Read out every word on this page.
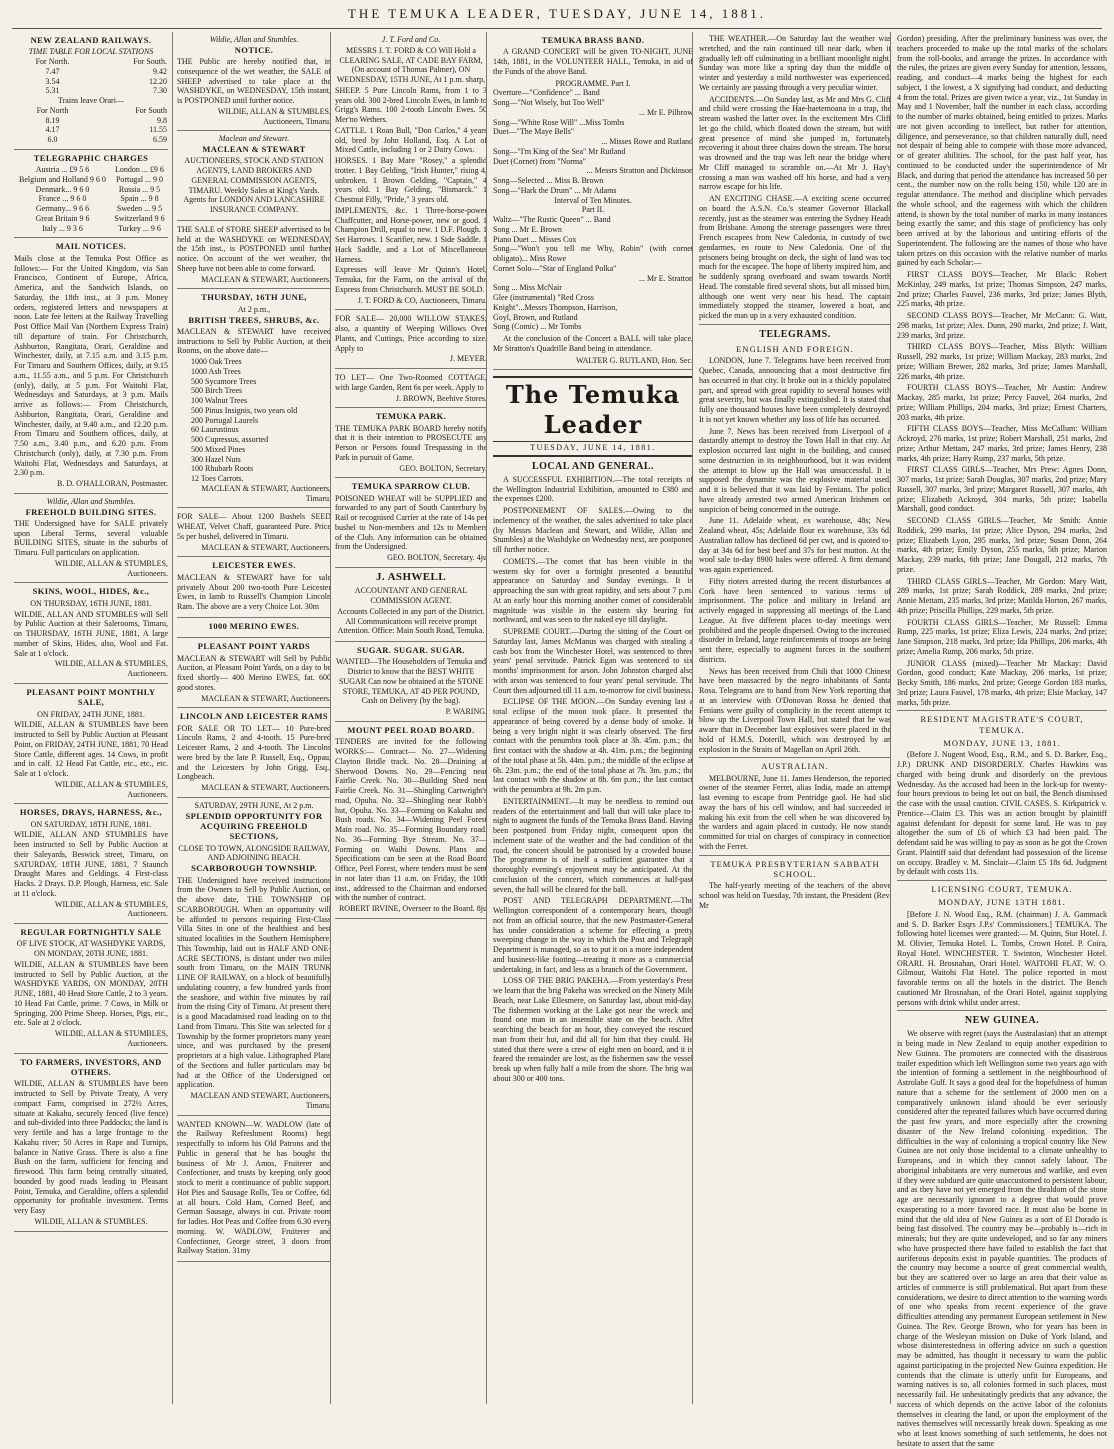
THE TEMUKA LEADER, TUESDAY, JUNE 14, 1881.
NEW ZEALAND RAILWAYS.
TIME TABLE FOR LOCAL STATIONS
For North.	For South.
7.47	9.42
3.54	12.20
5.31	7.30
Trains leave Orari—	
For North	For South
8.19	9.8
4.17	11.55
6.0	6.59
TELEGRAPHIC CHARGES
Austria ... £9 5 6	London ... £9 6
Belgium and Holland 9 6 0	Portugal ... 9 0
Denmark... 9 6 0	Russia ... 9 5
France ... 9 6 0	Spain ... 9 8
Germany... 9 6 6	Sweden ... 9 5
Great Britain 9 6	Switzerland 9 6
Italy ... 9 3 6	Turkey ... 9 6
MAIL NOTICES.

Mails close at the Temuka Post Office as follows:— For the United Kingdom, via San Francisco, Continent of Europe, Africa, America, and the Sandwich Islands, on Saturday, the 18th inst., at 3 p.m. Money orders, registered letters and newspapers at noon. Late fee letters at the Railway Travelling Post Office Mail Van (Northern Express Train) till departure of train. For Christchurch, Ashburton, Rangitata, Orari, Geraldine and Winchester, daily, at 7.15 a.m. and 3.15 p.m. For Timaru and Southern Offices, daily, at 9.15 a.m., 11.55 a.m., and 5 p.m. For Christchurch (only), daily, at 5 p.m. For Waitohi Flat, Wednesdays and Saturdays, at 3 p.m. Mails arrive as follows:— From Christchurch, Ashburton, Rangitata, Orari, Geraldine and Winchester, daily, at 9.40 a.m., and 12.20 p.m. From Timaru and Southern offices, daily, at 7.50 a.m., 3.40 p.m., and 6.20 p.m. From Christchurch (only), daily, at 7.30 p.m. From Waitohi Flat, Wednesdays and Saturdays, at 2.30 p.m.

B. D. O'HALLORAN, Postmaster.
Wildie, Allan and Stumbles.
FREEHOLD BUILDING SITES.

THE Undersigned have for SALE privately upon Liberal Terms, several valuable BUILDING SITES, situate in the suburbs of Timaru. Full particulars on application.

WILDIE, ALLAN & STUMBLES, Auctioneers.
SKINS, WOOL, HIDES, &c.,
ON THURSDAY, 16TH JUNE, 1881.

WILDIE, ALLAN AND STUMBLES will Sell by Public Auction at their Salerooms, Timaru, on THURSDAY, 16TH JUNE, 1881, A large number of Skins, Hides, also, Wool and Fat. Sale at 1 o'clock.

WILDIE, ALLAN & STUMBLES, Auctioneers.
PLEASANT POINT MONTHLY SALE,
ON FRIDAY, 24TH JUNE, 1881.

WILDIE, ALLAN & STUMBLES have been instructed to Sell by Public Auction at Pleasant Point, on FRIDAY, 24TH JUNE, 1881, 70 Head Store Cattle, different ages. 14 Cows, in profit and in calf. 12 Head Fat Cattle, etc., etc., etc. Sale at 1 o'clock.

WILDIE, ALLAN & STUMBLES, Auctioneers.
HORSES, DRAYS, HARNESS, &c.,
ON SATURDAY, 18TH JUNE, 1881.

WILDIE, ALLAN AND STUMBLES have been instructed to Sell by Public Auction at their Saleyards, Beswick street, Timaru, on SATURDAY, 18TH JUNE, 1881, 7 Staunch Draught Mares and Geldings. 4 First-class Hacks. 2 Drays. D.P. Plough, Harness, etc. Sale at 11 o'clock.

WILDIE, ALLAN & STUMBLES, Auctioneers.
REGULAR FORTNIGHTLY SALE
OF LIVE STOCK, AT WASHDYKE YARDS, ON MONDAY, 20TH JUNE, 1881.

WILDIE, ALLAN & STUMBLES have been instructed to Sell by Public Auction, at the WASHDYKE YARDS, ON MONDAY, 20TH JUNE, 1881, 40 Head Store Cattle, 2 to 3 years. 10 Head Fat Cattle, prime. 7 Cows, in Milk or Springing. 200 Prime Sheep. Horses, Pigs, etc., etc. Sale at 2 o'clock.

WILDIE, ALLAN & STUMBLES, Auctioneers.
TO FARMERS, INVESTORS, AND OTHERS.

WILDIE, ALLAN & STUMBLES have been instructed to Sell by Private Treaty, A very compact Farm, comprised in 272½ Acres, situate at Kakahu, securely fenced (live fence) and sub-divided into three Paddocks; the land is very fertile and has a large frontage to the Kakahu river; 50 Acres in Rape and Turnips, balance in Native Grass. There is also a fine Bush on the farm, sufficient for fencing and firewood. This farm being centrally situated, bounded by good roads leading to Pleasant Point, Temuka, and Geraldine, offers a splendid opportunity for profitable investment. Terms very Easy

WILDIE, ALLAN & STUMBLES.
Wildie, Allan and Stumbles.
NOTICE.

THE Public are hereby notified that, in consequence of the wet weather, the SALE of SHEEP advertised to take place at the WASHDYKE, on WEDNESDAY, 15th instant, is POSTPONED until further notice.

WILDIE, ALLAN & STUMBLES, Auctioneers, Timaru.
Maclean and Stewart.
MACLEAN & STEWART

AUCTIONEERS, STOCK AND STATION AGENTS, LAND BROKERS AND GENERAL COMMISSION AGENTS, TIMARU. Weekly Sales at King's Yards. Agents for LONDON AND LANCASHIRE INSURANCE COMPANY.

THE SALE of STORE SHEEP advertised to be held at the WASHDYKE on WEDNESDAY, the 15th inst., is POSTPONED until further notice. On account of the wet weather, the Sheep have not been able to come forward.

MACLEAN & STEWART, Auctioneers.
THURSDAY, 16TH JUNE,
At 2 p.m.,
BRITISH TREES, SHRUBS, &c.

MACLEAN & STEWART have received instructions to Sell by Public Auction, at their Rooms, on the above date—

1000 Oak Trees

1000 Ash Trees

500 Sycamore Trees

500 Birch Trees

100 Walnut Trees

500 Pinus Insignis, two years old

200 Portugal Laurels

60 Laurustinus

500 Cupressus, assorted

500 Mixed Pines

300 Hazel Nuts

100 Rhubarb Roots

12 Toes Carrots.

MACLEAN & STEWART, Auctioneers, Timaru.

FOR SALE— About 1200 Bushels SEED WHEAT, Velvet Chaff, guaranteed Pure. Price 5s per bushel, delivered in Timaru.

MACLEAN & STEWART, Auctioneers.
LEICESTER EWES.

MACLEAN & STEWART have for sale privately About 200 two-tooth Pure Leicester Ewes, in lamb to Russell's Champion Lincoln Ram. The above are a very Choice Lot. 30m

1000 MERINO EWES.
PLEASANT POINT YARDS

MACLEAN & STEWART will Sell by Public Auction, at Pleasant Point Yards, on a day to be fixed shortly— 400 Merino EWES, fat. 600 good stores.

MACLEAN & STEWART, Auctioneers.
LINCOLN AND LEICESTER RAMS

FOR SALE OR TO LET— 10 Pure-bred Lincoln Rams, 2 and 4-tooth. 15 Pure-bred Leicester Rams, 2 and 4-tooth. The Lincolns were bred by the late P. Russell, Esq., Oppau, and the Leicesters by John Grigg, Esq., Longbeach.

MACLEAN & STEWART, Auctioneers.
SATURDAY, 29TH JUNE, At 2 p.m.
SPLENDID OPPORTUNITY FOR ACQUIRING FREEHOLD SECTIONS,
CLOSE TO TOWN, ALONGSIDE RAILWAY, AND ADJOINING BEACH.
SCARBOROUGH TOWNSHIP.

THE Undersigned have received instructions from the Owners to Sell by Public Auction, on the above date, THE TOWNSHIP OF SCARBOROUGH. When an opportunity will be afforded to persons requiring First-Class Villa Sites in one of the healthiest and best situated localities in the Southern Hemisphere. This Township, laid out in HALF AND ONE-ACRE SECTIONS, is distant under two miles south from Timaru, on the MAIN TRUNK LINE OF RAILWAY, on a block of beautifully undulating country, a few hundred yards from the seashore, and within five minutes by rail from the rising City of Timaru. At present there is a good Macadamised road leading on to the Land from Timaru. This Site was selected for a Township by the former proprietors many years since, and was purchased by the present proprietors at a high value. Lithographed Plans of the Sections and fuller particulars may be had at the Office of the Undersigned on application.

MACLEAN AND STEWART, Auctioneers, Timaru.

WANTED KNOWN—W. WADLOW (late of the Railway Refreshment Rooms) begs respectfully to inform his Old Patrons and the Public in general that he has bought the business of Mr J. Amos, Fruiterer and Confectioner, and trusts by keeping only good stock to merit a continuance of public support. Hot Pies and Sausage Rolls, Tea or Coffee, 6d. at all hours. Cold Ham, Corned Beef, and German Sausage, always in cut. Private room for ladies. Hot Peas and Coffee from 6.30 every morning. W. WADLOW, Fruiterer and Confectioner, George street, 3 doors from Railway Station. 31my

J. T. Ford and Co.

MESSRS J. T. FORD & CO Will Hold a CLEARING SALE, AT CADE BAY FARM, (On account of Thomas Palmer), ON WEDNESDAY, 15TH JUNE, At 1 p.m. sharp,

SHEEP. 5 Pure Lincoln Rams, from 1 to 3 years old. 300 2-bred Lincoln Ewes, in lamb to Grigg's Rams. 100 2-tooth Lincoln Ewes. 50 Mer'no Wethers.

CATTLE. 1 Roan Bull, "Don Carlos," 4 years old, bred by John Holland, Esq. A Lot of Mixed Cattle, including 1 or 2 Dairy Cows.

HORSES. 1 Bay Mare "Rosey," a splendid trotter. 1 Bay Gelding, "Irish Hunter," rising 4, unbroken. 1 Brown Gelding, "Captain," 4 years old. 1 Bay Gelding, "Bismarck." 1 Chestnut Filly, "Pride," 3 years old.

IMPLEMENTS, &c. 1 Three-horse-power Chaffcutter, and Horse-power, new or good. 1 Champion Drill, equal to new. 1 D.F. Plough. 1 Set Harrows. 1 Scarifier, new. 1 Side Saddle. 1 Hack Saddle, and a Lot of Miscellaneous Harness.

Expresses will leave Mr Quinn's Hotel, Temuka, for the Farm, on the arrival of the Express from Christchurch. MUST BE SOLD.

J. T. FORD & CO, Auctioneers, Timaru.

FOR SALE— 20,000 WILLOW STAKES; also, a quantity of Weeping Willows Over Plants, and Cuttings, Price according to size. Apply to

J. MEYER.

TO LET— One Two-Roomed COTTAGE, with large Garden, Rent 6s per week. Apply to

J. BROWN, Beehive Stores.
TEMUKA PARK.

THE TEMUKA PARK BOARD hereby notify that it is their intention to PROSECUTE any Person or Persons found Trespassing in the Park in pursuit of Game.

GEO. BOLTON, Secretary.
TEMUKA SPARROW CLUB.

POISONED WHEAT will be SUPPLIED and forwarded to any part of South Canterbury by Rail or recognised Carrier at the rate of 14s per bushel to Non-members and 12s to Members of the Club. Any information can be obtained from the Undersigned.

GEO. BOLTON, Secretary. 4ju
J. ASHWELL
ACCOUNTANT AND GENERAL COMMISSION AGENT.

Accounts Collected in any part of the District. All Communications will receive prompt Attention. Office: Main South Road, Temuka.

SUGAR. SUGAR. SUGAR.

WANTED—The Householders of Temuka and District to know that the BEST WHITE SUGAR Can now be obtained at the STONE STORE, TEMUKA, AT 4D PER POUND, Cash on Delivery (by the bag).

P. WARING.
MOUNT PEEL ROAD BOARD.

TENDERS are invited for the following WORKS:— Contract— No. 27—Widening Clayton Bridle track. No. 28—Draining at Sherwood Downs. No. 29—Fencing near Fairlie Creek. No. 30—Building Shed near Fairlie Creek. No. 31—Shingling Cartwright's road, Opuha. No. 32—Shingling near Robb's hut, Opuha. No. 33—Forming on Kakahu and Bush roads. No. 34—Widening Peel Forest Main road. No. 35—Forming Boundary road. No. 36—Forming Bye Stream. No. 37—Forming on Waihi Downs. Plans and Specifications can be seen at the Road Board Office, Peel Forest, where tenders must be sent in not later than 11 a.m. on Friday, the 10th inst., addressed to the Chairman and endorsed with the number of contract.

ROBERT IRVINE, Overseer to the Board. 8ju
TEMUKA BRASS BAND.

A GRAND CONCERT will be given TO-NIGHT, JUNE 14th, 1881, in the VOLUNTEER HALL, Temuka, in aid of the Funds of the above Band.

PROGRAMME. Part I.

Overture—"Confidence" ... Band

Song—"Not Wisely, but Too Well"

... Mr E. Pilbrow

Song—"White Rose Will" ...Miss Tombs

Duet—"The Maye Bells"

... Misses Rowe and Rutland

Song—"I'm King of the Sea" Mr Rutland

Duet (Cornet) from "Norma"

... Messrs Stratton and Dickinson

Song—Selected ... Miss B. Brown

Song—"Hark the Drum" ... Mr Adams

Interval of Ten Minutes.

Part II.

Waltz—"The Rustic Queen" ... Band

Song ... Mr E. Brown

Piano Duet ... Misses Cox

Song—"Won't you tell me Why, Robin" (with cornet obligato)... Miss Rowe

Cornet Solo—"Star of England Polka"

... Mr E. Stratton

Song ... Miss McNair

Glee (instrumental) "Red Cross

Knight"...Messrs Thompson, Harrison,

Goyl, Brown, and Rutland

Song (Comic) ... Mr Tombs

At the conclusion of the Concert a BALL will take place, Mr Stratton's Quadrille Band being in attendance.

WALTER G. RUTLAND, Hon. Sec.
The Temuka Leader
TUESDAY, JUNE 14, 1881.
LOCAL AND GENERAL.

A SUCCESSFUL EXHIBITION.—The total receipts of the Wellington Industrial Exhibition, amounted to £380 and the expenses £200.

POSTPONEMENT OF SALES.—Owing to the inclemency of the weather, the sales advertised to take place (by Messrs Maclean and Stewart, and Wildie, Allan and Stumbles) at the Washdyke on Wednesday next, are postponed till further notice.

COMETS.—The comet that has been visible in the western sky for over a fortnight presented a beautiful appearance on Saturday and Sunday evenings. It is approaching the sun with great rapidity, and sets about 7 p.m. At an early hour this morning another comet of considerable magnitude was visible in the eastern sky bearing for northward, and was seen to the naked eye till daylight.

SUPREME COURT.—During the sitting of the Court on Saturday last, James McManus was charged with stealing a cash box from the Winchester Hotel, was sentenced to three years' penal servitude. Patrick Egan was sentenced to six months' imprisonment for arson. John Johnston charged also with arson was sentenced to four years' penal servitude. The Court then adjourned till 11 a.m. to-morrow for civil business.

ECLIPSE OF THE MOON.—On Sunday evening last a total eclipse of the moon took place. It presented the appearance of being covered by a dense body of smoke. It being a very bright night it was clearly observed. The first contact with the penumbra took place at 3h. 45m. p.m.; the first contact with the shadow at 4h. 41m. p.m.; the beginning of the total phase at 5h. 44m. p.m.; the middle of the eclipse at 6h. 23m. p.m.; the end of the total phase at 7h. 3m. p.m.; the last contact with the shadow at 8h. 6m p.m.; the last contact with the penumbra at 9h. 2m p.m.

ENTERTAINMENT.—It may be needless to remind our readers of the entertainment and ball that will take place to-night to augment the funds of the Temuka Brass Band. Having been postponed from Friday night, consequent upon the inclement state of the weather and the bad condition of the road, the concert should be patronised by a crowded house. The programme is of itself a sufficient guarantee that a thoroughly evening's enjoyment may be anticipated. At the conclusion of the concert, which commences at half-past seven, the hall will be cleared for the ball.

POST AND TELEGRAPH DEPARTMENT.—The Wellington correspondent of a contemporary hears, though not from an official source, that the new Postmaster-General has under consideration a scheme for effecting a pretty sweeping change in the way in which the Post and Telegraph Department is managed, so as to put it on a more independent and business-like footing—treating it more as a commercial undertaking, in fact, and less as a branch of the Government.

LOSS OF THE BRIG PAKEHA.—From yesterday's Press we learn that the brig Pakeha was wrecked on the Ninety Mile Beach, near Lake Ellesmere, on Saturday last, about mid-day. The fishermen working at the Lake got near the wreck and found one man in an insensible state on the beach. After searching the beach for an hour, they conveyed the rescued man from their hut, and did all for him that they could. He stated that there were a crew of eight men on board, and it is feared the remainder are lost, as the fishermen saw the vessel break up when fully half a mile from the shore. The brig was about 300 or 400 tons.

THE WEATHER.—On Saturday last the weather was wretched, and the rain continued till near dark, when it gradually left off culminating in a brilliant moonlight night. Sunday was more like a spring day than the middle of winter and yesterday a mild northwester was experienced. We certainly are passing through a very peculiar winter.

ACCIDENTS.—On Sunday last, as Mr and Mrs G. Cliff and child were crossing the Hae-haetemoana in a trap, the stream washed the latter over. In the excitement Mrs Cliff let go the child, which floated down the stream, but with great presence of mind she jumped in, fortunately recovering it about three chains down the stream. The horse was drowned and the trap was left near the bridge where Mr Cliff managed to scramble on.—At Mr J. Hay's crossing a man was washed off his horse, and had a very narrow escape for his life.

AN EXCITING CHASE.—A exciting scene occurred on board the A.S.N. Co.'s steamer Governor Blackall recently, just as the steamer was entering the Sydney Heads from Brisbane. Among the steerage passengers were three French escapees from New Caledonia, in custody of two gendarmes, en route to New Caledonia. One of the prisoners being brought on deck, the sight of land was too much for the escapee. The hope of liberty inspired him, and he suddenly sprang overboard and swam towards North Head. The constable fired several shots, but all missed him, although one went very near his head. The captain immediately stopped the steamer, lowered a boat, and picked the man up in a very exhausted condition.

TELEGRAMS.
ENGLISH AND FOREIGN.

LONDON, June 7. Telegrams have been received from Quebec, Canada, announcing that a most destructive fire has occurred in that city. It broke out in a thickly populated part, and spread with great rapidity to several houses with great severity, but was finally extinguished. It is stated that fully one thousand houses have been completely destroyed. It is not yet known whether any loss of life has occurred.

June 7. News has been received from Liverpool of a dastardly attempt to destroy the Town Hall in that city. An explosion occurred last night in the building, and caused some destruction in its neighbourhood, but it was evident the attempt to blow up the Hall was unsuccessful. It is supposed the dynamite was the explosive material used, and it is believed that it was laid by Fenians. The police have already arrested two armed American Irishmen on suspicion of being concerned in the outrage.

June 11. Adelaide wheat, ex warehouse, 48s; New Zealand wheat, 45s; Adelaide flour ex warehouse, 33s 6d. Australian tallow has declined 6d per cwt, and is quoted to-day at 34s 6d for best beef and 37s for best mutton. At the wool sale to-day 8900 bales were offered. A firm demand was again experienced.

Fifty rioters arrested during the recent disturbances at Cork have been sentenced to various terms of imprisonment. The police and military in Ireland are actively engaged in suppressing all meetings of the Land League. At five different places to-day meetings were prohibited and the people dispersed. Owing to the increased disorder in Ireland, large reinforcements of troops are being sent there, especially to augment forces in the southern districts.

News has been received from Chili that 1000 Chinese have been massacred by the negro inhabitants of Santa Rosa. Telegrams are to hand from New York reporting that at an interview with O'Donovan Rossa he denied that Fenians were guilty of complicity in the recent attempt to blow up the Liverpool Town Hall, but stated that he was aware that in December last explosives were placed in the hold of H.M.S. Doterill, which was destroyed by an explosion in the Straits of Magellan on April 26th.

AUSTRALIAN.

MELBOURNE, June 11. James Henderson, the reported owner of the steamer Ferret, alias India, made an attempt last evening to escape from Pentridge gaol. He had slid away the bars of his cell window, and had succeeded in making his exit from the cell when he was discovered by the warders and again placed in custody. He now stands committed for trial on charges of conspiracy in connection with the Ferret.

TEMUKA PRESBYTERIAN SABBATH SCHOOL.

The half-yearly meeting of the teachers of the above school was held on Tuesday, 7th instant, the President (Rev. Mr

Gordon) presiding. After the preliminary business was over, the teachers proceeded to make up the total marks of the scholars from the roll-books, and arrange the prizes. In accordance with the rules, the prizes are given every Sunday for attention, lessons, reading, and conduct—4 marks being the highest for each subject, 1 the lowest, a X signifying bad conduct, and deducting 4 from the total. Prizes are given twice a year, viz., 1st Sunday in May and 1 November, half the number in each class, according to the number of marks obtained, being entitled to prizes. Marks are not given according to intellect, but rather for attention, diligence, and perseverance, so that children naturally dull, need not despair of being able to compete with those more advanced, or of greater abilities. The school, for the past half year, has continued to be conducted under the superintendence of Mr Black, and during that period the attendance has increased 50 per cent., the number now on the rolls being 150, while 120 are in regular attendance. The method and discipline which pervades the whole school, and the eagerness with which the children attend, is shown by the total number of marks in many instances being exactly the same; and this stage of proficiency has only been arrived at by the laborious and untiring efforts of the Superintendent. The following are the names of those who have taken prizes on this occasion with the relative number of marks gained by each Scholar:—

FIRST CLASS BOYS—Teacher, Mr Black: Robert McKinlay, 249 marks, 1st prize; Thomas Simpson, 247 marks, 2nd prize; Charles Fauvel, 236 marks, 3rd prize; James Blyth, 225 marks, 4th prize.

SECOND CLASS BOYS—Teacher, Mr McCann: G. Watt, 298 marks, 1st prize; Alex. Dunn, 290 marks, 2nd prize; J. Watt, 239 marks, 3rd prize.

THIRD CLASS BOYS—Teacher, Miss Blyth: William Russell, 292 marks, 1st prize; William Mackay, 283 marks, 2nd prize; William Brewer, 282 marks, 3rd prize; James Marshall, 226 marks, 4th prize.

FOURTH CLASS BOYS—Teacher, Mr Austin: Andrew Mackay, 285 marks, 1st prize; Percy Fauvel, 264 marks, 2nd prize; William Phillips, 204 marks, 3rd prize; Ernest Charters, 203 marks, 4th prize.

FIFTH CLASS BOYS—Teacher, Miss McCallum: William Ackroyd, 276 marks, 1st prize; Robert Marshall, 251 marks, 2nd prize; Arthur Mettam, 247 marks, 3rd prize; James Henry, 238 marks, 4th prize; Harry Rump, 237 marks, 5th prize.

FIRST CLASS GIRLS—Teacher, Mrs Prew: Agnes Donn, 307 marks, 1st prize; Sarah Douglas, 307 marks, 2nd prize; Mary Russell, 307 marks, 3rd prize; Margaret Russell, 307 marks, 4th prize; Elizabeth Ackroyd, 304 marks, 5th prize; Isabella Marshall, good conduct.

SECOND CLASS GIRLS—Teacher, Mr Smith: Annie Roddick, 299 marks, 1st prize; Alice Dyson, 294 marks, 2nd prize; Elizabeth Lyon, 295 marks, 3rd prize; Susan Donn, 264 marks, 4th prize; Emily Dyson, 255 marks, 5th prize; Marion Mackay, 239 marks, 6th prize; Jane Dougall, 212 marks, 7th prize.

THIRD CLASS GIRLS—Teacher, Mr Gordon: Mary Watt, 289 marks, 1st prize; Sarah Roddick, 289 marks, 2nd prize; Annie Mettam, 235 marks, 3rd prize; Matilda Horton, 267 marks, 4th prize; Priscilla Phillips, 229 marks, 5th prize.

FOURTH CLASS GIRLS—Teacher, Mr Russell: Emma Rump, 225 marks, 1st prize; Eliza Lewis, 224 marks, 2nd prize; Jane Simpson, 218 marks, 3rd prize; Ida Phillips, 206 marks, 4th prize; Amelia Rump, 206 marks, 5th prize.

JUNIOR CLASS (mixed)—Teacher Mr Mackay: David Gordon, good conduct; Kate Mackay, 206 marks, 1st prize; Becky Smith, 186 marks, 2nd prize; George Gordon 183 marks, 3rd prize; Laura Fauvel, 178 marks, 4th prize; Elsie Mackay, 147 marks, 5th prize.

RESIDENT MAGISTRATE'S COURT, TEMUKA.
MONDAY, JUNE 13, 1881.

(Before J. Nugent Wood, Esq., R.M., and S. D. Barker, Esq., J.P.) DRUNK AND DISORDERLY. Charles Hawkins was charged with being drunk and disorderly on the previous Wednesday. As the accused had been in the lock-up for twenty-four hours previous to being let out on bail, the Bench dismissed the case with the usual caution. CIVIL CASES. S. Kirkpatrick v. Prentice—Claim £3. This was an action brought by plaintiff against defendant for deposit for some land. He was to pay altogether the sum of £6 of which £3 had been paid. The defendant said he was willing to pay as soon as he got the Crown Grant. Plaintiff said that defendant had possession of the license on occupy. Bradley v. M. Sinclair—Claim £5 18s 6d. Judgment by default with costs 11s.

LICENSING COURT, TEMUKA.
MONDAY, JUNE 13TH 1881.

[Before J. N. Wood Esq., R.M. (chairman) J. A. Gammack and S. D. Barker Esqrs J.P.s' Commissioners.] TEMUKA. The following hotel licenses were granted:— M. Quinn, Star Hotel. J. M. Olivier, Temuka Hotel. L. Tombs, Crown Hotel. P. Coira, Royal Hotel. WINCHESTER. T. Swinton, Winchester Hotel. ORARI. H. Brosnahan, Orari Hotel. WAITOHI FLAT. W. O. Gilmour, Waitohi Flat Hotel. The police reported in most favorable terms on all the hotels in the district. The Bench cautioned Mr Brosnahan, of the Orari Hotel, against supplying persons with drink whilst under arrest.

NEW GUINEA.

We observe with regret (says the Australasian) that an attempt is being made in New Zealand to equip another expedition to New Guinea. The promoters are connected with the disastrous trailer expedition which left Wellington some two years ago with the intention of forming a settlement in the neighbourhood of Astrolabe Gulf. It says a good deal for the hopefulness of human nature that a scheme for the settlement of 2000 men on a comparatively unknown island should be ever seriously considered after the repeated failures which have occurred during the past few years, and more especially after the crowning disaster of the New Ireland colonising expedition. The difficulties in the way of colonising a tropical country like New Guinea are not only those incidental to a climate unhealthy to Europeans, and in which they cannot safely labour. The aboriginal inhabitants are very numerous and warlike, and even if they were subdued are quite unaccustomed to persistent labour, and as they have not yet emerged from the thraldom of the stone age are necessarily ignorant to a degree that would prove exasperating to a more favored race. It must also be borne in mind that the old idea of New Guinea as a sort of El Dorado is being fast dissolved. The country may be—probably is—rich in minerals; but they are quite undeveloped, and so far any miners who have prospected there have failed to establish the fact that auriferous deposits exist in payable quantities. The products of the country may become a source of great commercial wealth, but they are scattered over so large an area that their value as articles of commerce is still problematical. But apart from these considerations, we desire to direct attention to the warning words of one who speaks from recent experience of the grave difficulties attending any permanent European settlement in New Guinea. The Rev. George Brown, who for years has been in charge of the Wesleyan mission on Duke of York Island, and whose disinterestedness in offering advice on such a question may be admitted, has thought it necessary to warn the public against participating in the projected New Guinea expedition. He contends that the climate is utterly unfit for Europeans, and warning natives is so, all colonies formed in such places, must necessarily fail. He unhesitatingly predicts that any advance, the success of which depends on the active labor of the colonists themselves in clearing the land, or upon the employment of the natives themselves will necessarily break down. Speaking as one who at least knows something of such settlements, he does not hesitate to assert that the same
